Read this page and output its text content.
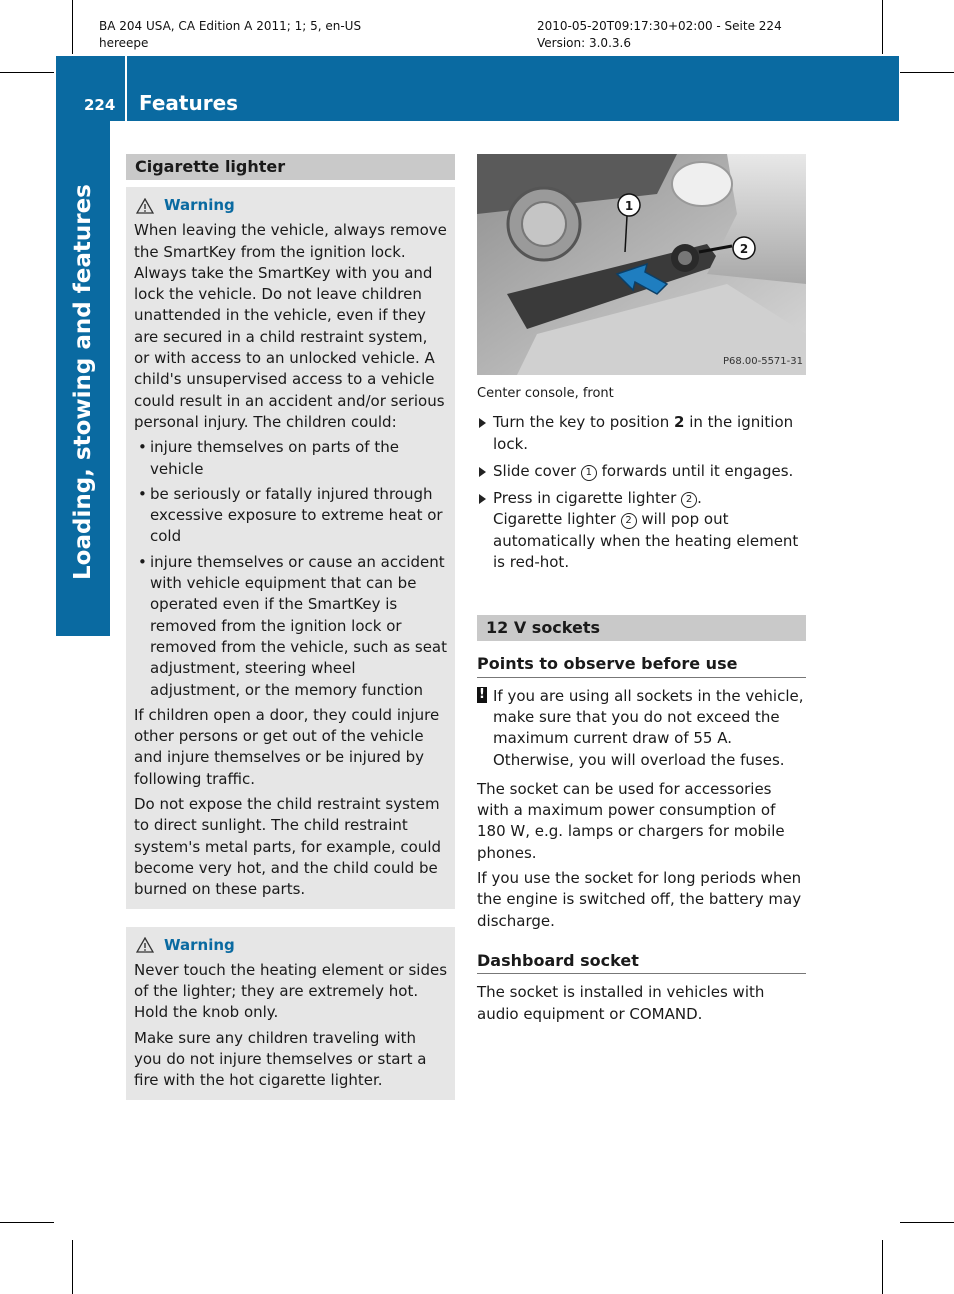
BA 204 USA, CA Edition A 2011; 1; 5, en-US
hereepe
2010-05-20T09:17:30+02:00 - Seite 224
Version: 3.0.3.6
224 Features
Loading, stowing and features
Cigarette lighter
Warning

When leaving the vehicle, always remove the SmartKey from the ignition lock. Always take the SmartKey with you and lock the vehicle. Do not leave children unattended in the vehicle, even if they are secured in a child restraint system, or with access to an unlocked vehicle. A child's unsupervised access to a vehicle could result in an accident and/or serious personal injury. The children could:

• injure themselves on parts of the vehicle
• be seriously or fatally injured through excessive exposure to extreme heat or cold
• injure themselves or cause an accident with vehicle equipment that can be operated even if the SmartKey is removed from the ignition lock or removed from the vehicle, such as seat adjustment, steering wheel adjustment, or the memory function

If children open a door, they could injure other persons or get out of the vehicle and injure themselves or be injured by following traffic.

Do not expose the child restraint system to direct sunlight. The child restraint system's metal parts, for example, could become very hot, and the child could be burned on these parts.

Warning

Never touch the heating element or sides of the lighter; they are extremely hot. Hold the knob only.

Make sure any children traveling with you do not injure themselves or start a fire with the hot cigarette lighter.

1
2
P68.00-5571-31
Center console, front
Turn the key to position 2 in the ignition lock.
Slide cover 1 forwards until it engages.
Press in cigarette lighter 2 .
Cigarette lighter 2 will pop out automatically when the heating element is red-hot.
12 V sockets
Points to observe before use
! If you are using all sockets in the vehicle, make sure that you do not exceed the maximum current draw of 55 A. Otherwise, you will overload the fuses.

The socket can be used for accessories with a maximum power consumption of 180 W, e.g. lamps or chargers for mobile phones.

If you use the socket for long periods when the engine is switched off, the battery may discharge.

Dashboard socket

The socket is installed in vehicles with audio equipment or COMAND.
